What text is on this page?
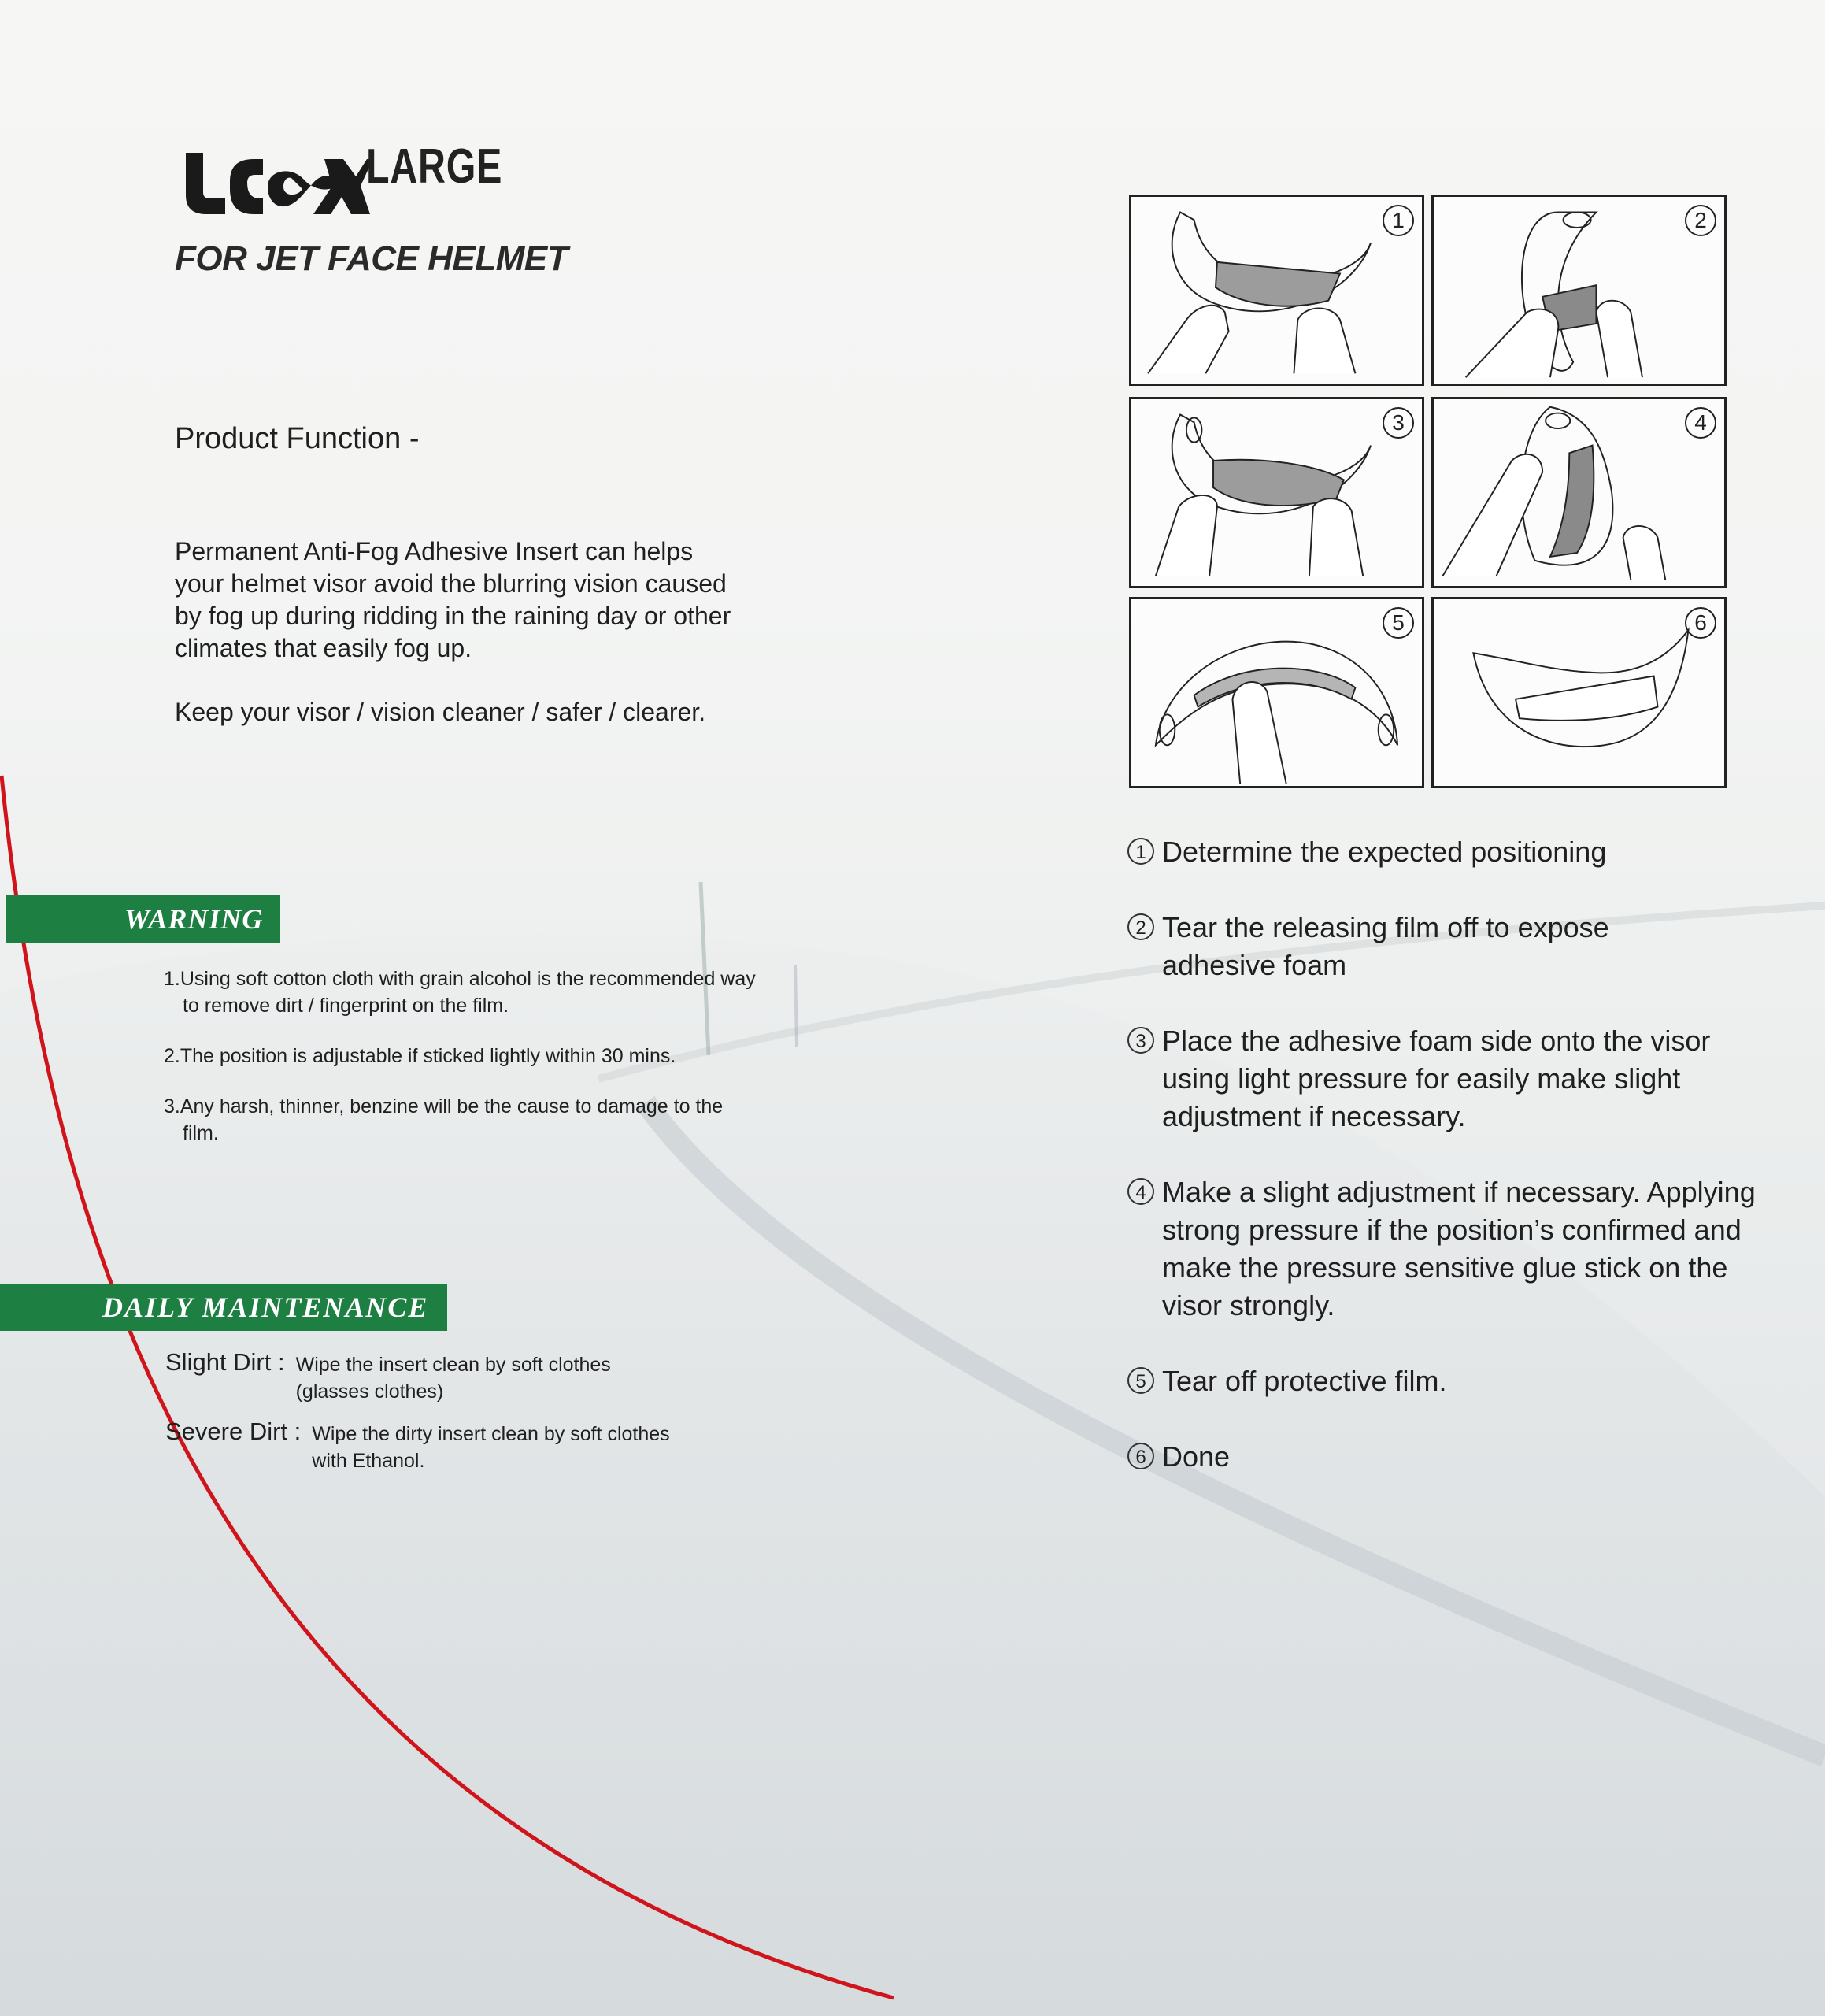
LARGE
FOR JET FACE HELMET
Product Function -
Permanent Anti-Fog Adhesive Insert can helps your helmet visor avoid the blurring vision caused by fog up during ridding in the raining day or other climates that easily fog up.
Keep your visor / vision cleaner / safer / clearer.
WARNING
1.Using soft cotton cloth with grain alcohol is the recommended way to remove dirt / fingerprint on the film.
2.The position is adjustable if sticked lightly within 30 mins.
3.Any harsh, thinner, benzine will be the cause to damage to the film.
DAILY MAINTENANCE
Slight Dirt : Wipe the insert clean by soft clothes (glasses clothes)
Severe Dirt : Wipe the dirty insert clean by soft clothes with Ethanol.
1	2
3	4
5	6
1 Determine the expected positioning
2 Tear the releasing film off to expose adhesive foam
3 Place the adhesive foam side onto the visor using light pressure for easily make slight adjustment if necessary.
4 Make a slight adjustment if necessary. Applying strong pressure if the position’s confirmed and make the pressure sensitive glue stick on the visor strongly.
5 Tear off protective film.
6 Done
